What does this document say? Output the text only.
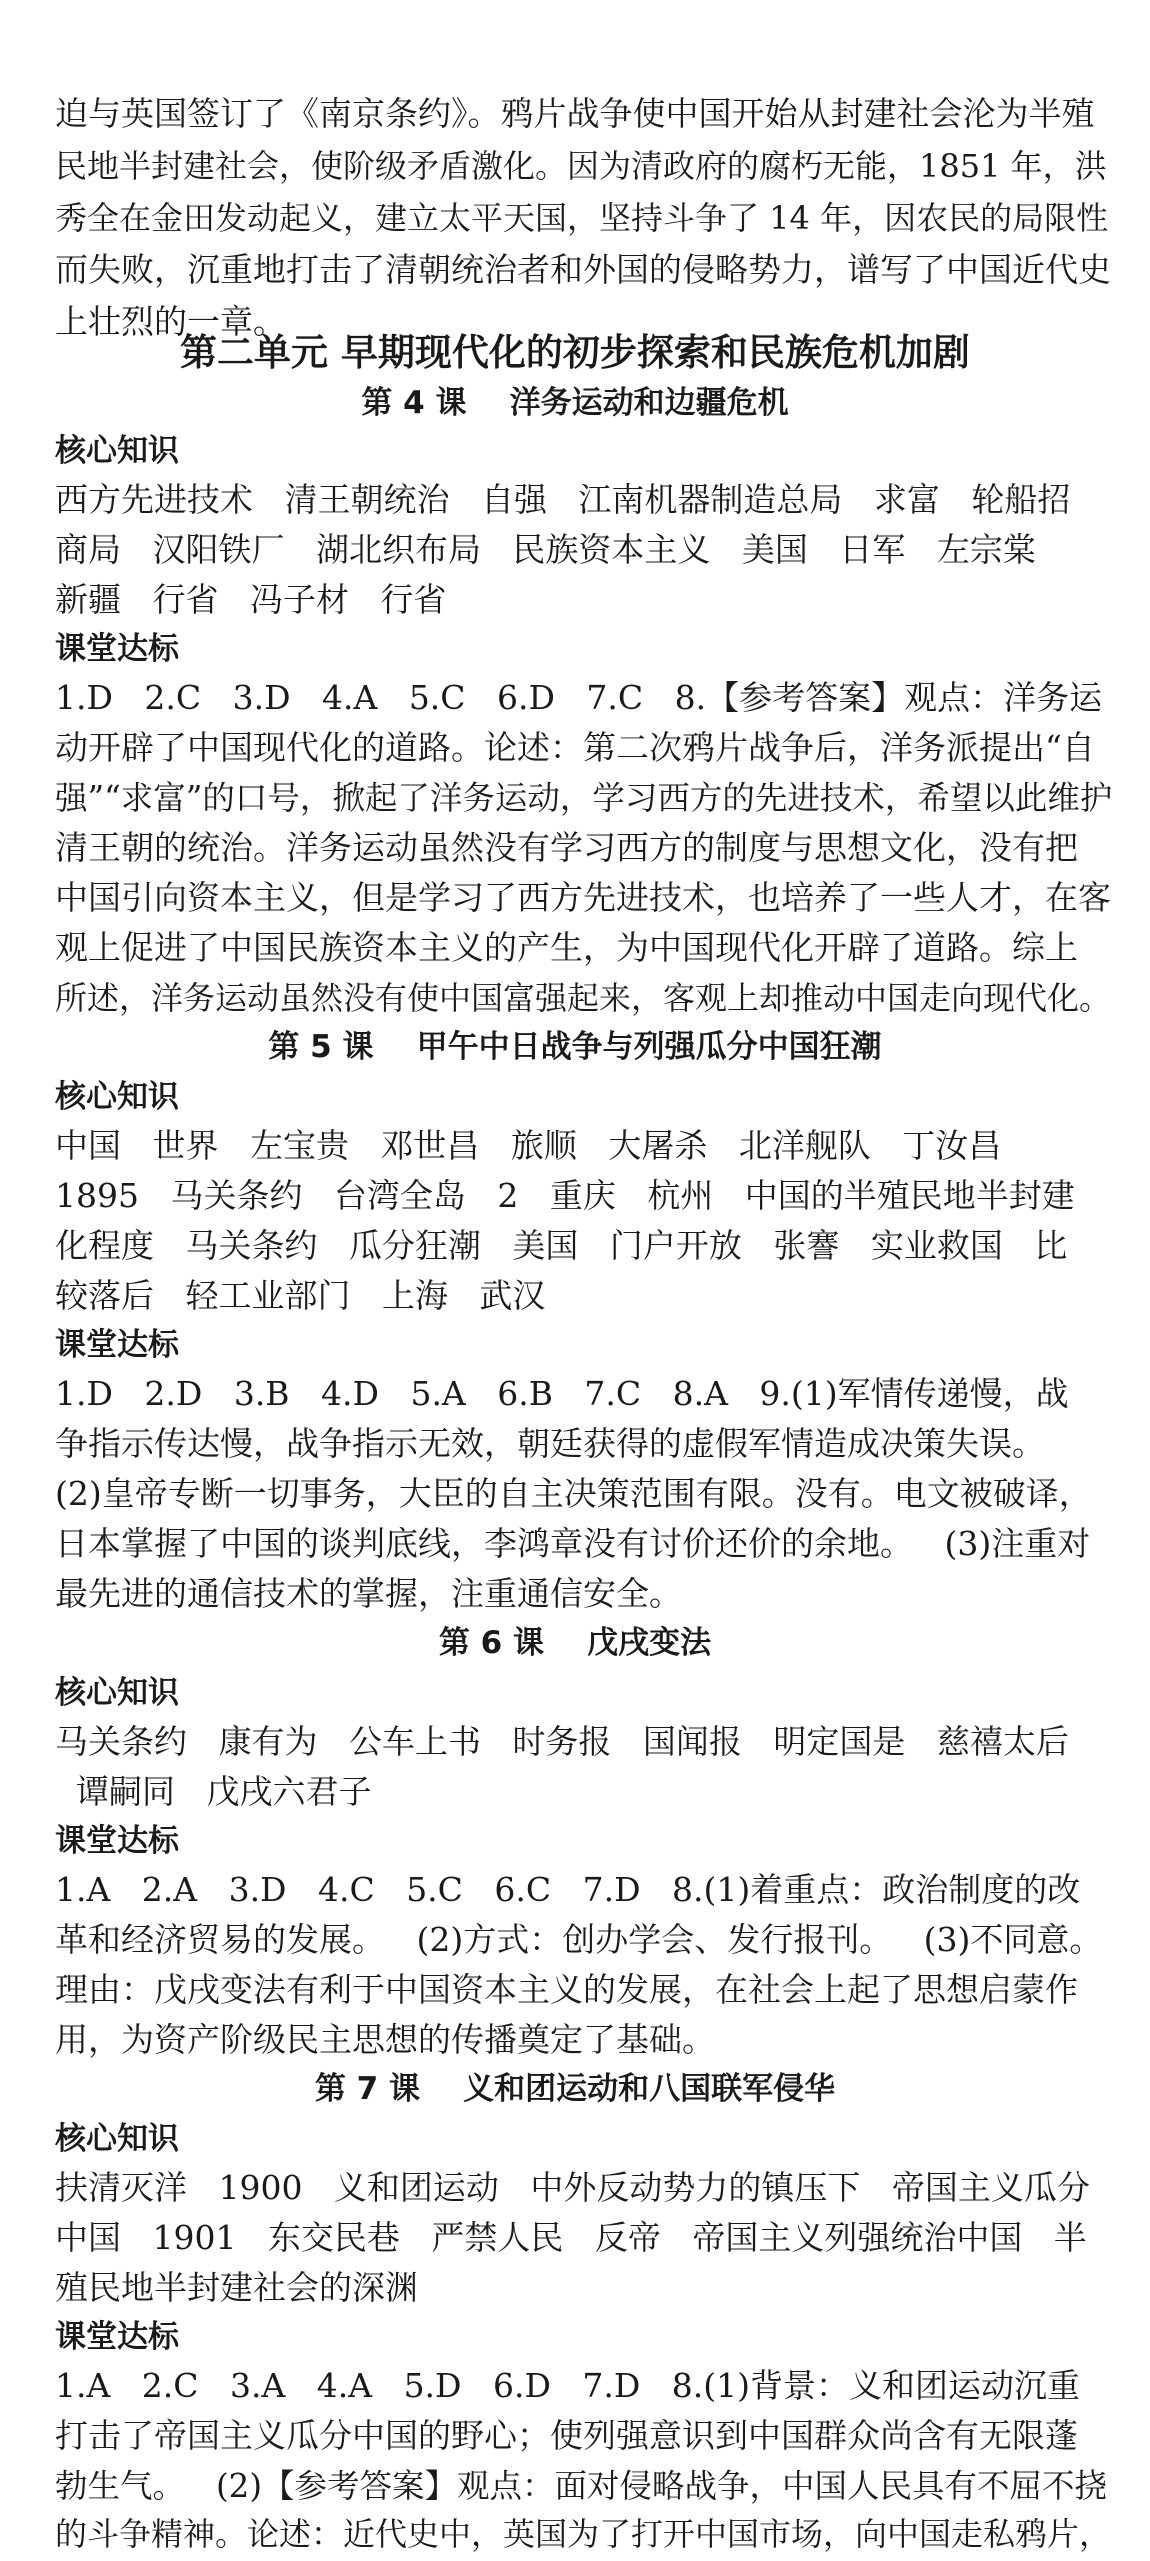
迫与英国签订了《南京条约》。鸦片战争使中国开始从封建社会沦为半殖
民地半封建社会，使阶级矛盾激化。因为清政府的腐朽无能，1851 年，洪
秀全在金田发动起义，建立太平天国，坚持斗争了 14 年，因农民的局限性
而失败，沉重地打击了清朝统治者和外国的侵略势力，谱写了中国近代史
上壮烈的一章。
第二单元 早期现代化的初步探索和民族危机加剧
第 4 课    洋务运动和边疆危机
核心知识
西方先进技术   清王朝统治   自强   江南机器制造总局   求富   轮船招
商局   汉阳铁厂   湖北织布局   民族资本主义   美国   日军   左宗棠
新疆   行省   冯子材   行省
课堂达标
1.D   2.C   3.D   4.A   5.C   6.D   7.C   8.【参考答案】观点：洋务运
动开辟了中国现代化的道路。论述：第二次鸦片战争后，洋务派提出“自
强”“求富”的口号，掀起了洋务运动，学习西方的先进技术，希望以此维护
清王朝的统治。洋务运动虽然没有学习西方的制度与思想文化，没有把
中国引向资本主义，但是学习了西方先进技术，也培养了一些人才，在客
观上促进了中国民族资本主义的产生，为中国现代化开辟了道路。综上
所述，洋务运动虽然没有使中国富强起来，客观上却推动中国走向现代化。
第 5 课    甲午中日战争与列强瓜分中国狂潮
核心知识
中国   世界   左宝贵   邓世昌   旅顺   大屠杀   北洋舰队   丁汝昌
1895   马关条约   台湾全岛   2   重庆   杭州   中国的半殖民地半封建
化程度   马关条约   瓜分狂潮   美国   门户开放   张謇   实业救国   比
较落后   轻工业部门   上海   武汉
课堂达标
1.D   2.D   3.B   4.D   5.A   6.B   7.C   8.A   9.(1)军情传递慢，战
争指示传达慢，战争指示无效，朝廷获得的虚假军情造成决策失误。
(2)皇帝专断一切事务，大臣的自主决策范围有限。没有。电文被破译，
日本掌握了中国的谈判底线，李鸿章没有讨价还价的余地。   (3)注重对
最先进的通信技术的掌握，注重通信安全。
第 6 课    戊戌变法
核心知识
马关条约   康有为   公车上书   时务报   国闻报   明定国是   慈禧太后
谭嗣同   戊戌六君子
课堂达标
1.A   2.A   3.D   4.C   5.C   6.C   7.D   8.(1)着重点：政治制度的改
革和经济贸易的发展。   (2)方式：创办学会、发行报刊。   (3)不同意。
理由：戊戌变法有利于中国资本主义的发展，在社会上起了思想启蒙作
用，为资产阶级民主思想的传播奠定了基础。
第 7 课    义和团运动和八国联军侵华
核心知识
扶清灭洋   1900   义和团运动   中外反动势力的镇压下   帝国主义瓜分
中国   1901   东交民巷   严禁人民   反帝   帝国主义列强统治中国   半
殖民地半封建社会的深渊
课堂达标
1.A   2.C   3.A   4.A   5.D   6.D   7.D   8.(1)背景：义和团运动沉重
打击了帝国主义瓜分中国的野心；使列强意识到中国群众尚含有无限蓬
勃生气。   (2)【参考答案】观点：面对侵略战争，中国人民具有不屈不挠
的斗争精神。论述：近代史中，英国为了打开中国市场，向中国走私鸦片，
